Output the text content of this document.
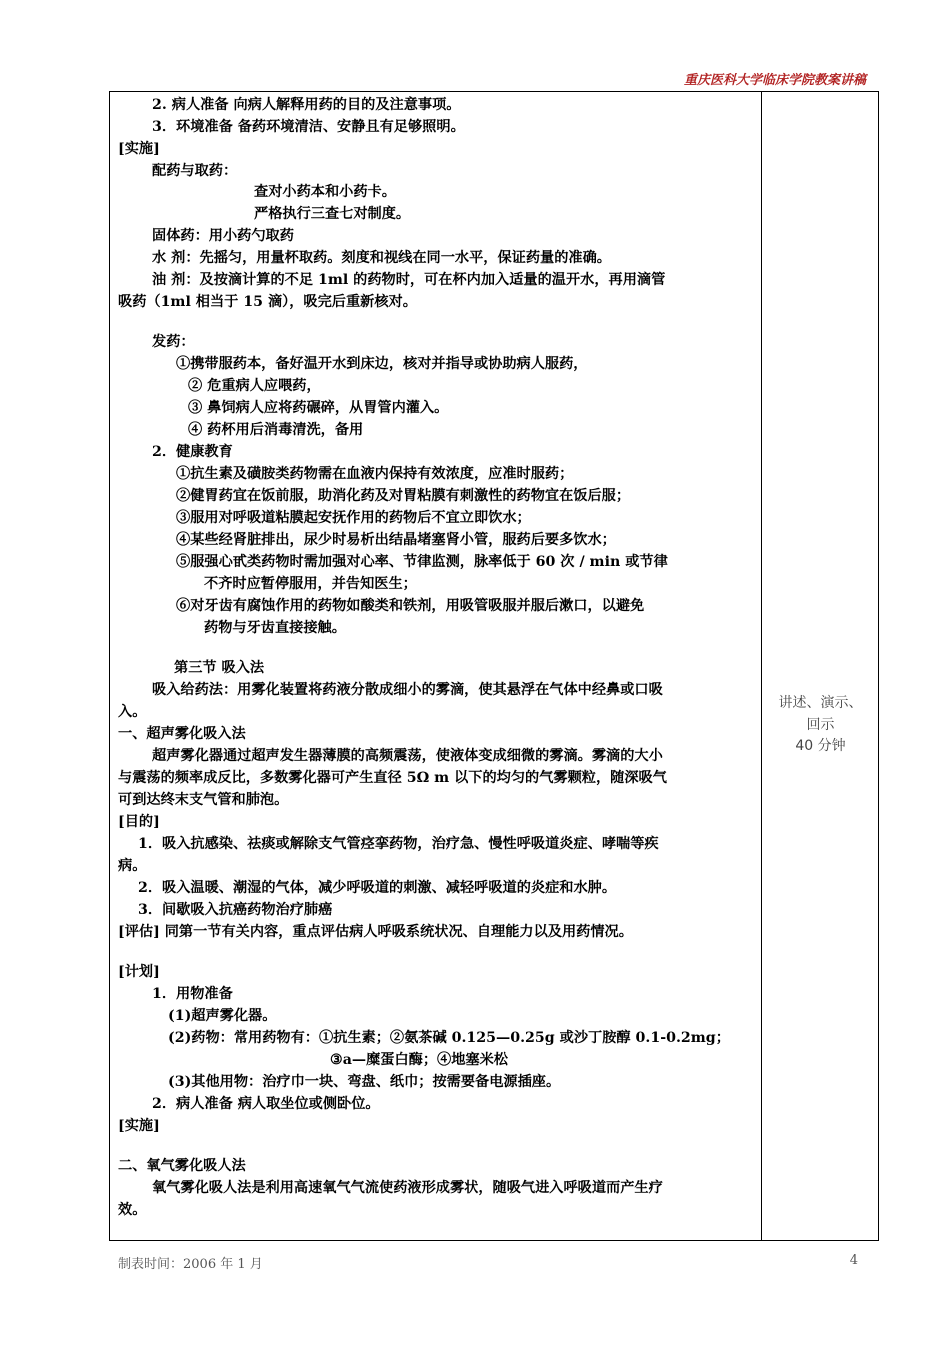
重庆医科大学临床学院教案讲稿
2. 病人准备 向病人解释用药的目的及注意事项。
3．环境准备 备药环境清洁、安静且有足够照明。
[实施]
配药与取药：
查对小药本和小药卡。
严格执行三查七对制度。
固体药：用小药勺取药
水 剂：先摇匀，用量杯取药。刻度和视线在同一水平，保证药量的准确。
油 剂：及按滴计算的不足 1ml 的药物时，可在杯内加入适量的温开水，再用滴管
吸药（1ml 相当于 15 滴），吸完后重新核对。
发药：
①携带服药本，备好温开水到床边，核对并指导或协助病人服药，
② 危重病人应喂药，
③ 鼻饲病人应将药碾碎，从胃管内灌入。
④ 药杯用后消毒清洗，备用
2．健康教育
①抗生素及磺胺类药物需在血液内保持有效浓度，应准时服药；
②健胃药宜在饭前服，助消化药及对胃粘膜有刺激性的药物宜在饭后服；
③服用对呼吸道粘膜起安抚作用的药物后不宜立即饮水；
④某些经肾脏排出，尿少时易析出结晶堵塞肾小管，服药后要多饮水；
⑤服强心甙类药物时需加强对心率、节律监测，脉率低于 60 次 / min 或节律
不齐时应暂停服用，并告知医生；
⑥对牙齿有腐蚀作用的药物如酸类和铁剂，用吸管吸服并服后漱口，以避免
药物与牙齿直接接触。
第三节 吸入法
吸入给药法：用雾化装置将药液分散成细小的雾滴，使其悬浮在气体中经鼻或口吸
入。
一、超声雾化吸入法
超声雾化器通过超声发生器薄膜的高频震荡，使液体变成细微的雾滴。雾滴的大小
与震荡的频率成反比，多数雾化器可产生直径 5Ω m 以下的均匀的气雾颗粒，随深吸气
可到达终末支气管和肺泡。
[目的]
1．吸入抗感染、祛痰或解除支气管痉挛药物，治疗急、慢性呼吸道炎症、哮喘等疾
病。
2．吸入温暖、潮湿的气体，减少呼吸道的刺激、减轻呼吸道的炎症和水肿。
3．间歇吸入抗癌药物治疗肺癌
[评估] 同第一节有关内容，重点评估病人呼吸系统状况、自理能力以及用药情况。
[计划]
1．用物准备
(1)超声雾化器。
(2)药物：常用药物有：①抗生素；②氨茶碱 0.125—0.25g 或沙丁胺醇 0.1-0.2mg；
③a—糜蛋白酶；④地塞米松
(3)其他用物：治疗巾一块、弯盘、纸巾；按需要备电源插座。
2．病人准备 病人取坐位或侧卧位。
[实施]
二、氧气雾化吸人法
氧气雾化吸人法是利用高速氧气气流使药液形成雾状，随吸气进入呼吸道而产生疗
效。
讲述、演示、
回示
40 分钟
制表时间：2006 年 1 月	4
